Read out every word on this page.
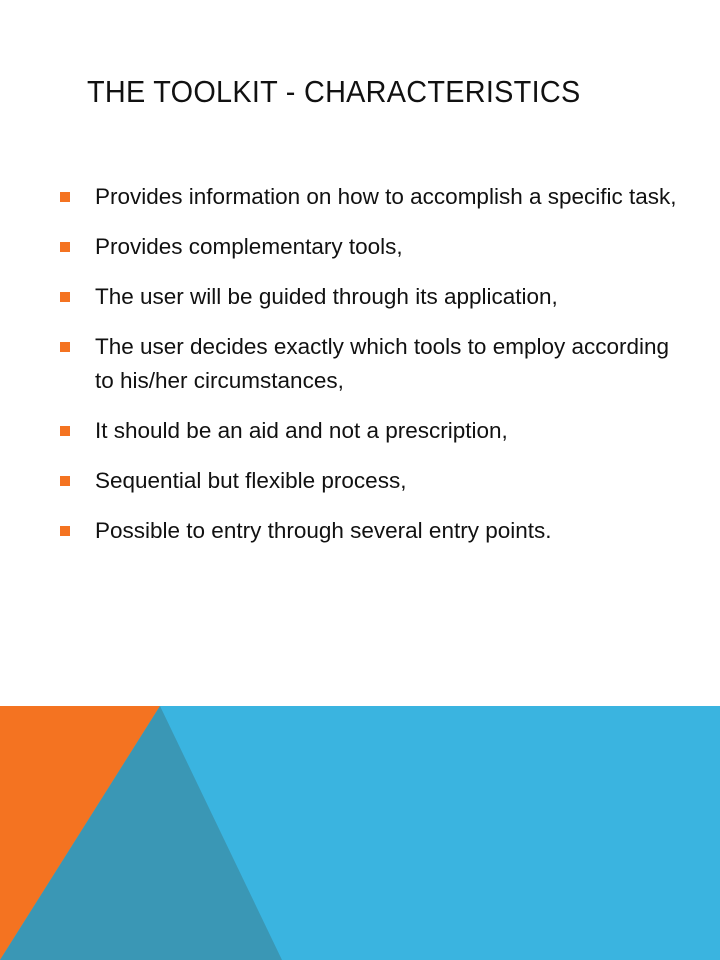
THE TOOLKIT - CHARACTERISTICS
Provides information on how to accomplish a specific task,
Provides complementary tools,
The user will be guided through its application,
The user decides exactly which tools to employ according to his/her circumstances,
It should be an aid and not a prescription,
Sequential but flexible process,
Possible to entry through several entry points.
